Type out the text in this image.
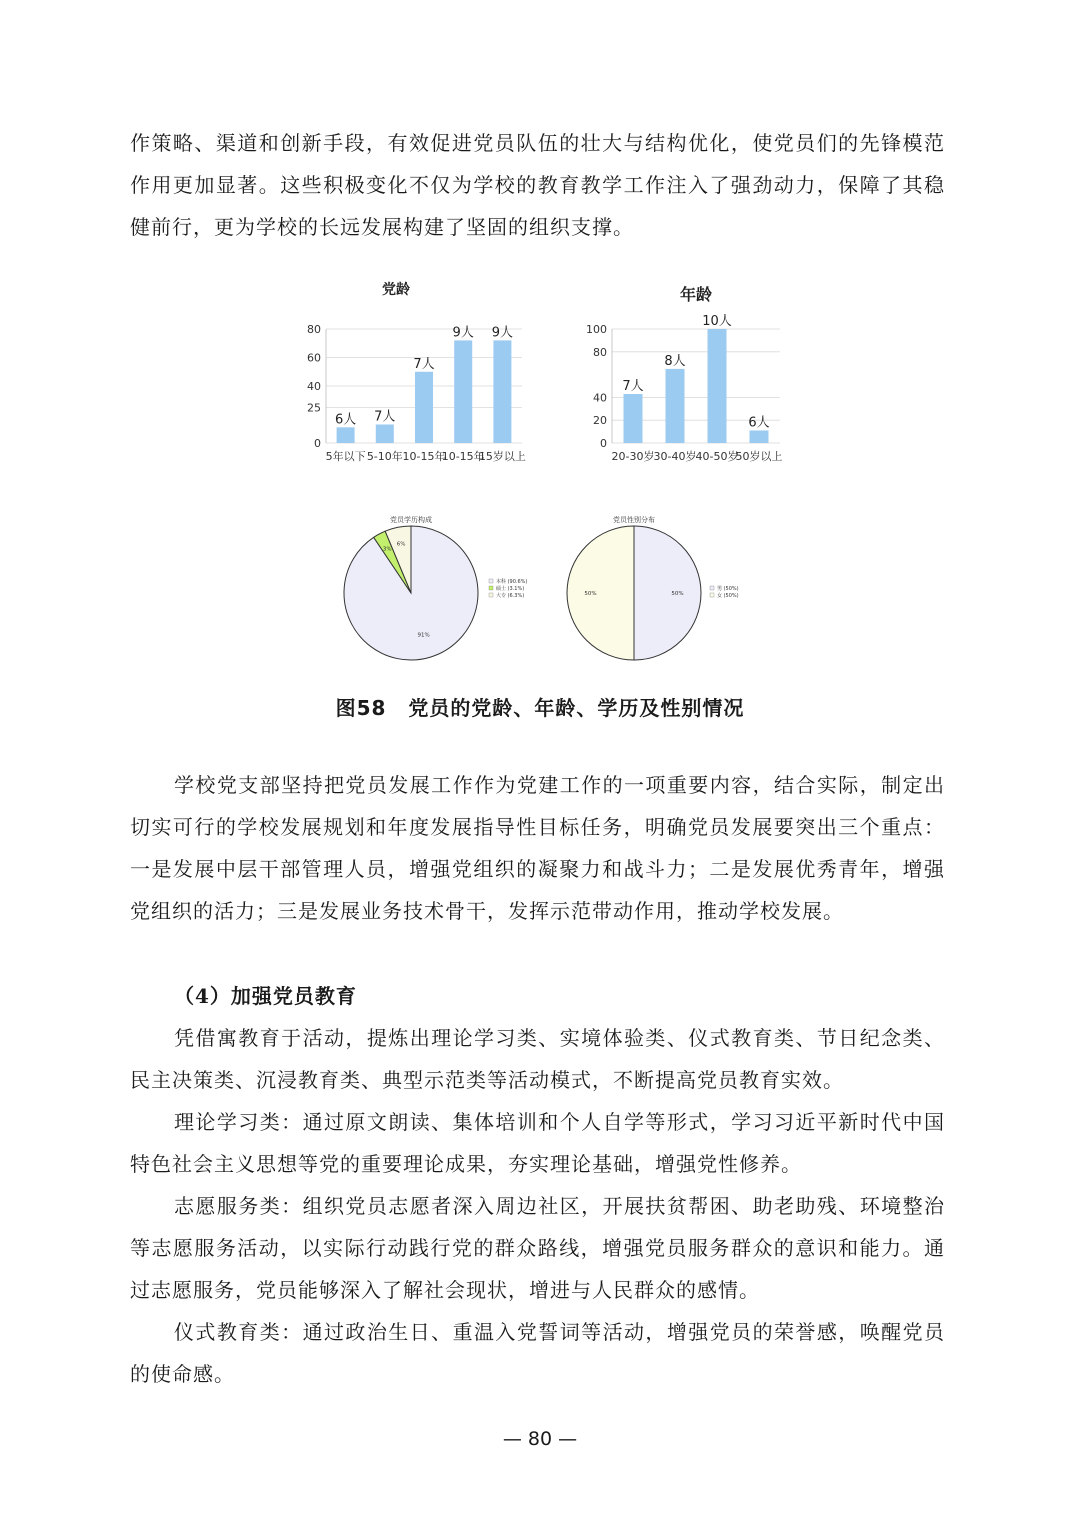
作策略、渠道和创新手段，有效促进党员队伍的壮大与结构优化，使党员们的先锋模范作用更加显著。这些积极变化不仅为学校的教育教学工作注入了强劲动力，保障了其稳健前行，更为学校的长远发展构建了坚固的组织支撑。

党龄
80
60
40
25
0
6人
5年以下
7人
5-10年
7人
10-15年
9人
10-15年
9人
15岁以上
年龄
100
80
40
20
0
7人
20-30岁
8人
30-40岁
10人
40-50岁
6人
50岁以上
党员学历构成
91%
3%
6%
本科 (90.6%)
硕士 (3.1%)
大专 (6.3%)
党员性别分布
50%
50%
男 (50%)
女 (50%)
图58 党员的党龄、年龄、学历及性别情况

学校党支部坚持把党员发展工作作为党建工作的一项重要内容，结合实际，制定出切实可行的学校发展规划和年度发展指导性目标任务，明确党员发展要突出三个重点：一是发展中层干部管理人员，增强党组织的凝聚力和战斗力；二是发展优秀青年，增强党组织的活力；三是发展业务技术骨干，发挥示范带动作用，推动学校发展。

（4）加强党员教育

凭借寓教育于活动，提炼出理论学习类、实境体验类、仪式教育类、节日纪念类、 民主决策类、沉浸教育类、典型示范类等活动模式，不断提高党员教育实效。

理论学习类：通过原文朗读、集体培训和个人自学等形式，学习习近平新时代中国特色社会主义思想等党的重要理论成果，夯实理论基础，增强党性修养。

志愿服务类：组织党员志愿者深入周边社区，开展扶贫帮困、助老助残、环境整治等志愿服务活动，以实际行动践行党的群众路线，增强党员服务群众的意识和能力。通过志愿服务，党员能够深入了解社会现状，增进与人民群众的感情。

仪式教育类：通过政治生日、重温入党誓词等活动，增强党员的荣誉感，唤醒党员的使命感。

— 80 —
